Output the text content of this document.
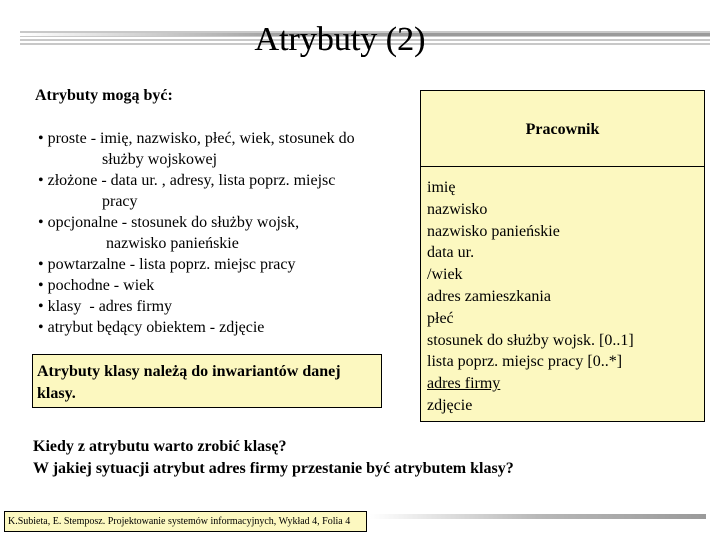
Atrybuty (2)
Atrybuty mogą być:
• proste - imię, nazwisko, płeć, wiek, stosunek do
służby wojskowej
• złożone - data ur. , adresy, lista poprz. miejsc
pracy
• opcjonalne - stosunek do służby wojsk,
nazwisko panieńskie
• powtarzalne - lista poprz. miejsc pracy
• pochodne - wiek
• klasy  - adres firmy
• atrybut będący obiektem - zdjęcie
Atrybuty klasy należą do inwariantów danej klasy.
Pracownik
imię
nazwisko
nazwisko panieńskie
data ur.
/wiek
adres zamieszkania
płeć
stosunek do służby wojsk. [0..1]
lista poprz. miejsc pracy [0..*]
adres firmy
zdjęcie
Kiedy z atrybutu warto zrobić klasę?
W jakiej sytuacji atrybut adres firmy przestanie być atrybutem klasy?
K.Subieta, E. Stemposz. Projektowanie systemów informacyjnych, Wykład 4, Folia 4
